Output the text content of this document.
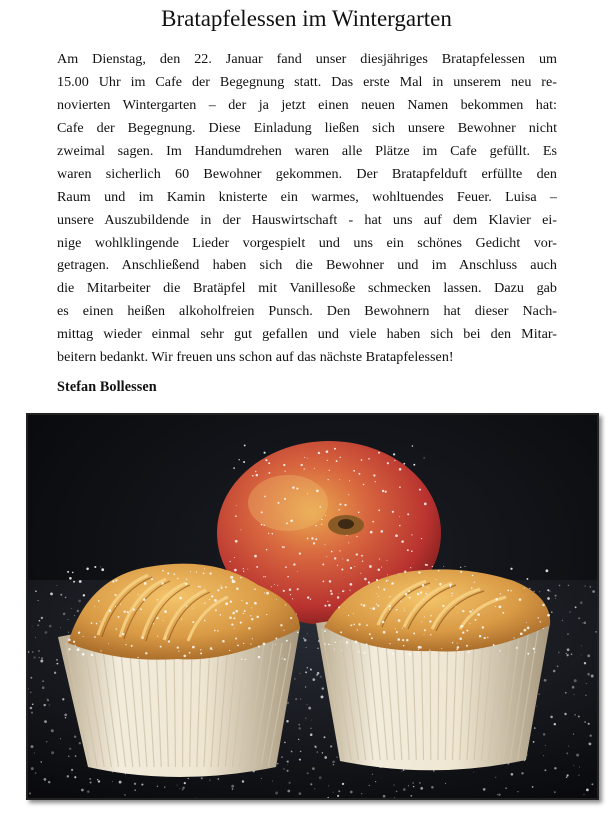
Bratapfelessen im Wintergarten
Am Dienstag, den 22. Januar fand unser diesjähriges Bratapfelessen um
15.00 Uhr im Cafe der Begegnung statt. Das erste Mal in unserem neu re-
novierten Wintergarten – der ja jetzt einen neuen Namen bekommen hat:
Cafe der Begegnung. Diese Einladung ließen sich unsere Bewohner nicht
zweimal sagen. Im Handumdrehen waren alle Plätze im Cafe gefüllt. Es
waren sicherlich 60 Bewohner gekommen. Der Bratapfelduft erfüllte den
Raum und im Kamin knisterte ein warmes, wohltuendes Feuer. Luisa –
unsere Auszubildende in der Hauswirtschaft - hat uns auf dem Klavier ei-
nige wohlklingende Lieder vorgespielt und uns ein schönes Gedicht vor-
getragen. Anschließend haben sich die Bewohner und im Anschluss auch
die Mitarbeiter die Bratäpfel mit Vanillesoße schmecken lassen. Dazu gab
es einen heißen alkoholfreien Punsch. Den Bewohnern hat dieser Nach-
mittag wieder einmal sehr gut gefallen und viele haben sich bei den Mitar-
beitern bedankt. Wir freuen uns schon auf das nächste Bratapfelessen!
Stefan Bollessen
